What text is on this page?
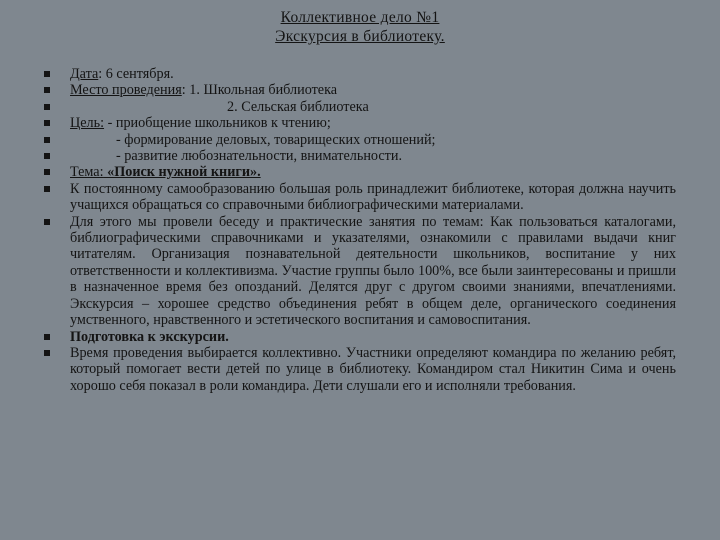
Коллективное дело №1
Экскурсия в библиотеку.
Дата: 6 сентября.
Место проведения: 1. Школьная библиотека
2. Сельская библиотека
Цель: - приобщение школьников к чтению;
- формирование деловых, товарищеских отношений;
- развитие любознательности, внимательности.
Тема: «Поиск нужной книги».
К постоянному самообразованию большая роль принадлежит библиотеке, которая должна научить учащихся обращаться со справочными библиографическими материалами.
Для этого мы провели беседу и практические занятия по темам: Как пользоваться каталогами, библиографическими справочниками и указателями, ознакомили с правилами выдачи книг читателям. Организация познавательной деятельности школьников, воспитание у них ответственности и коллективизма. Участие группы было 100%, все были заинтересованы и пришли в назначенное время без опозданий. Делятся друг с другом своими знаниями, впечатлениями. Экскурсия – хорошее средство объединения ребят в общем деле, органического соединения умственного, нравственного и эстетического воспитания и самовоспитания.
Подготовка к экскурсии.
Время проведения выбирается коллективно. Участники определяют командира по желанию ребят, который помогает вести детей по улице в библиотеку. Командиром стал Никитин Сима и очень хорошо себя показал в роли командира. Дети слушали его и исполняли требования.
